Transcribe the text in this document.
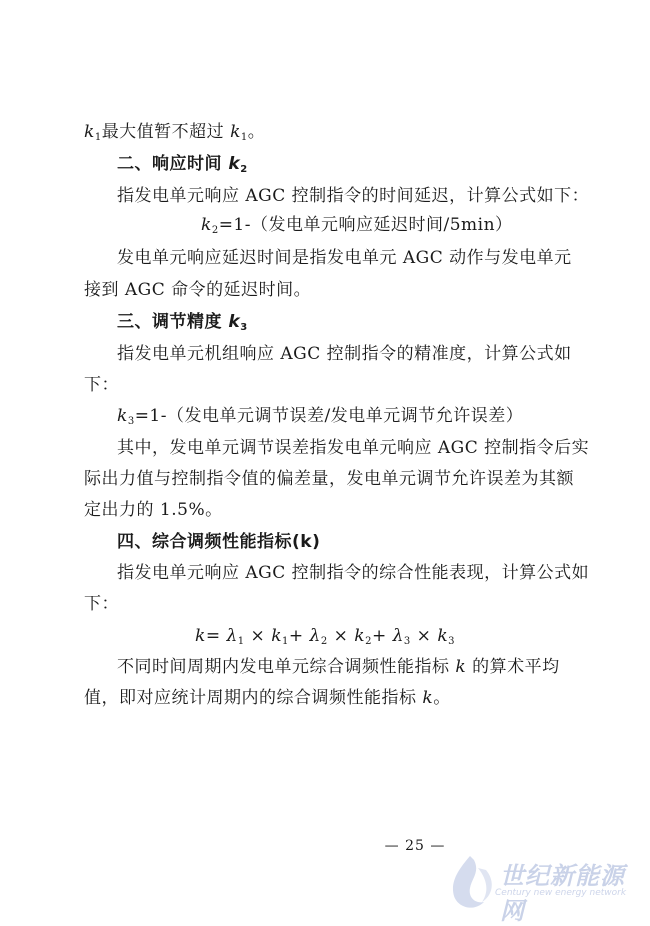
$k_1$最大值暂不超过 $k_1$。
二、响应时间 $k_2$
指发电单元响应 AGC 控制指令的时间延迟，计算公式如下：
$k_2=1-$（发电单元响应延迟时间/5min）
发电单元响应延迟时间是指发电单元 AGC 动作与发电单元
接到 AGC 命令的延迟时间。
三、调节精度 $k_3$
指发电单元机组响应 AGC 控制指令的精准度，计算公式如
下：
$k_3=1-$（发电单元调节误差/发电单元调节允许误差）
其中，发电单元调节误差指发电单元响应 AGC 控制指令后实
际出力值与控制指令值的偏差量，发电单元调节允许误差为其额
定出力的 1.5%。
四、综合调频性能指标(k)
指发电单元响应 AGC 控制指令的综合性能表现，计算公式如
下：
$k= \lambda_1 \times k_1+ \lambda_2 \times k_2+ \lambda_3 \times k_3$
不同时间周期内发电单元综合调频性能指标 k 的算术平均
值，即对应统计周期内的综合调频性能指标 k。
— 25 —
世纪新能源网
Century new energy network
